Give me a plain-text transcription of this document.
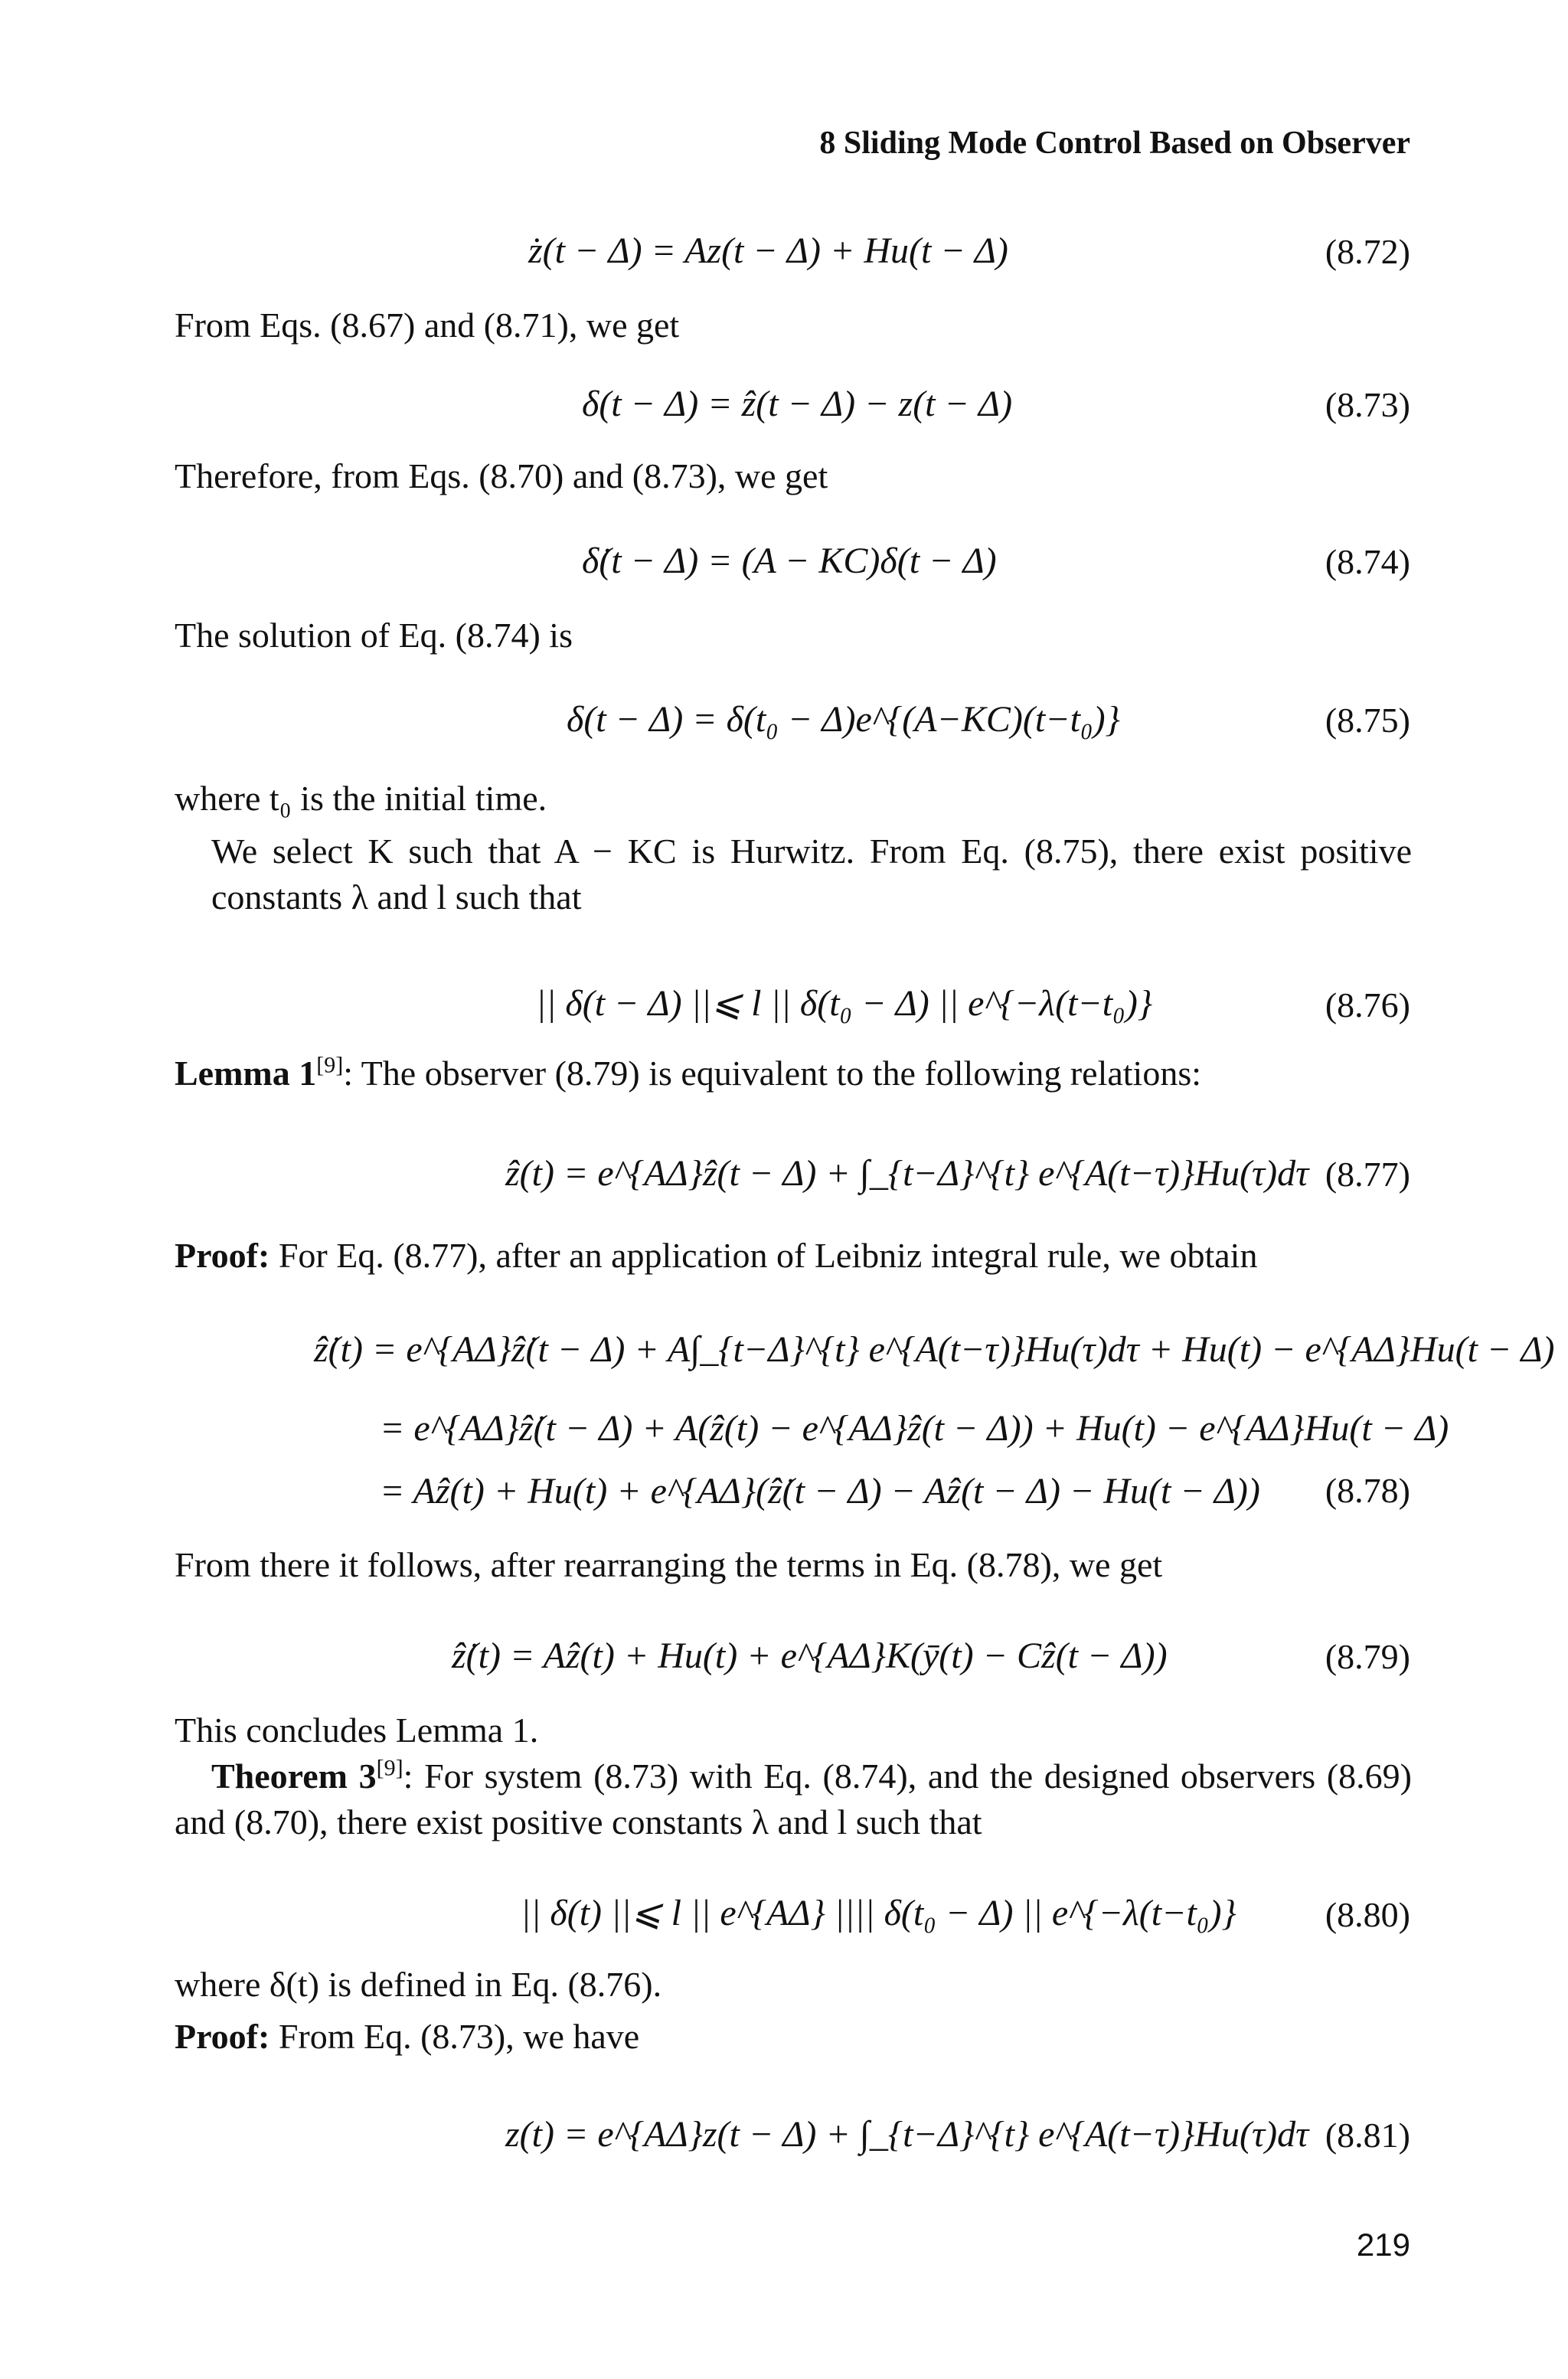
8 Sliding Mode Control Based on Observer
ż(t − Δ) = Az(t − Δ) + Hu(t − Δ)	(8.72)
From Eqs. (8.67) and (8.71), we get
δ(t − Δ) = ẑ(t − Δ) − z(t − Δ)	(8.73)
Therefore, from Eqs. (8.70) and (8.73), we get
δ̇(t − Δ) = (A − KC)δ(t − Δ)	(8.74)
The solution of Eq. (8.74) is
δ(t − Δ) = δ(t₀ − Δ)e^{(A−KC)(t−t₀)}	(8.75)
where t₀ is the initial time.
We select K such that A − KC is Hurwitz. From Eq. (8.75), there exist positive constants λ and l such that
|| δ(t − Δ) ||⩽ l || δ(t₀ − Δ) || e^{−λ(t−t₀)}	(8.76)
Lemma 1[9]: The observer (8.79) is equivalent to the following relations:
ẑ(t) = e^{AΔ}ẑ(t − Δ) + ∫_{t−Δ}^{t} e^{A(t−τ)}Hu(τ)dτ (8.77)
Proof: For Eq. (8.77), after an application of Leibniz integral rule, we obtain
ẑ̇(t) = e^{AΔ}ẑ̇(t − Δ) + A∫_{t−Δ}^{t} e^{A(t−τ)}Hu(τ)dτ + Hu(t) − e^{AΔ}Hu(t − Δ)
= e^{AΔ}ẑ̇(t − Δ) + A(ẑ(t) − e^{AΔ}ẑ(t − Δ)) + Hu(t) − e^{AΔ}Hu(t − Δ)
= Aẑ(t) + Hu(t) + e^{AΔ}(ẑ̇(t − Δ) − Aẑ(t − Δ) − Hu(t − Δ)) (8.78)
From there it follows, after rearranging the terms in Eq. (8.78), we get
ẑ̇(t) = Aẑ(t) + Hu(t) + e^{AΔ}K(ȳ(t) − Cẑ(t − Δ))	(8.79)
This concludes Lemma 1.
Theorem 3[9]: For system (8.73) with Eq. (8.74), and the designed observers (8.69) and (8.70), there exist positive constants λ and l such that
|| δ(t) ||⩽ l || e^{AΔ} |||| δ(t₀ − Δ) || e^{−λ(t−t₀)}	(8.80)
where δ(t) is defined in Eq. (8.76).
Proof: From Eq. (8.73), we have
z(t) = e^{AΔ}z(t − Δ) + ∫_{t−Δ}^{t} e^{A(t−τ)}Hu(τ)dτ (8.81)
219
